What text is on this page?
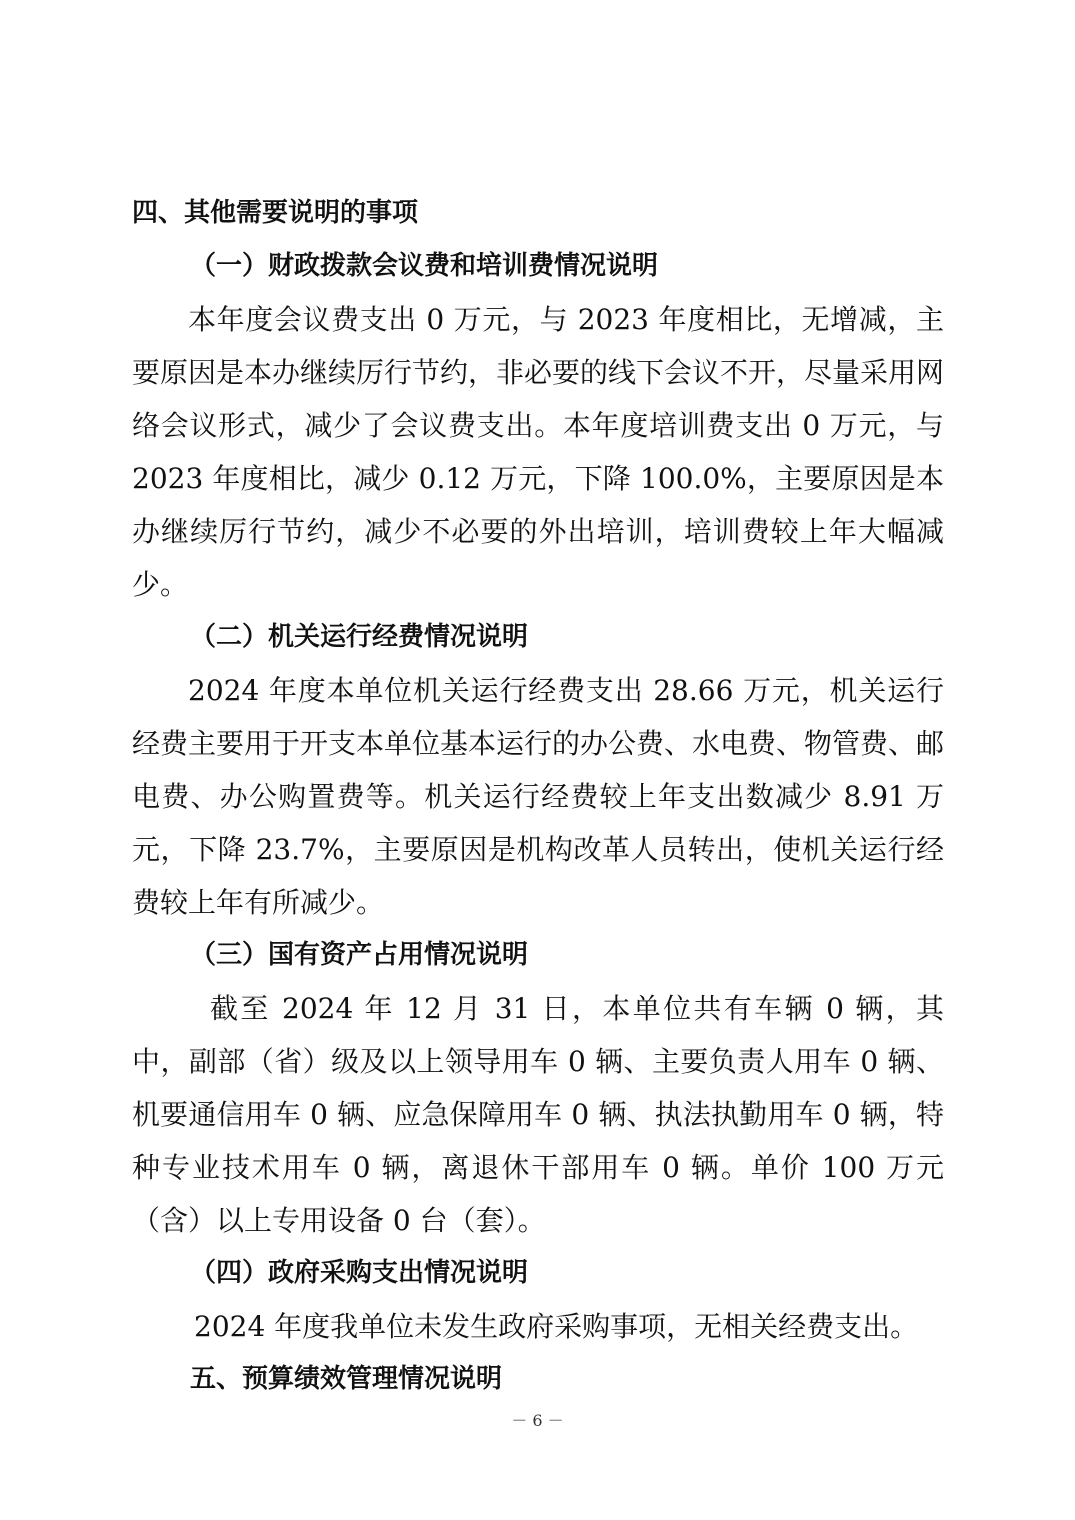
四、其他需要说明的事项
（一）财政拨款会议费和培训费情况说明

本年度会议费支出 0 万元，与 2023 年度相比，无增减，主要原因是本办继续厉行节约，非必要的线下会议不开，尽量采用网络会议形式，减少了会议费支出。本年度培训费支出 0 万元，与 2023 年度相比，减少 0.12 万元，下降 100.0%，主要原因是本办继续厉行节约，减少不必要的外出培训，培训费较上年大幅减少。

（二）机关运行经费情况说明

2024 年度本单位机关运行经费支出 28.66 万元，机关运行经费主要用于开支本单位基本运行的办公费、水电费、物管费、邮电费、办公购置费等。机关运行经费较上年支出数减少 8.91 万元，下降 23.7%，主要原因是机构改革人员转出，使机关运行经费较上年有所减少。

（三）国有资产占用情况说明

截至 2024 年 12 月 31 日，本单位共有车辆 0 辆，其中，副部（省）级及以上领导用车 0 辆、主要负责人用车 0 辆、机要通信用车 0 辆、应急保障用车 0 辆、执法执勤用车 0 辆，特种专业技术用车 0 辆，离退休干部用车 0 辆。单价 100 万元（含）以上专用设备 0 台（套）。

（四）政府采购支出情况说明

2024 年度我单位未发生政府采购事项，无相关经费支出。

五、预算绩效管理情况说明
－ 6 －
